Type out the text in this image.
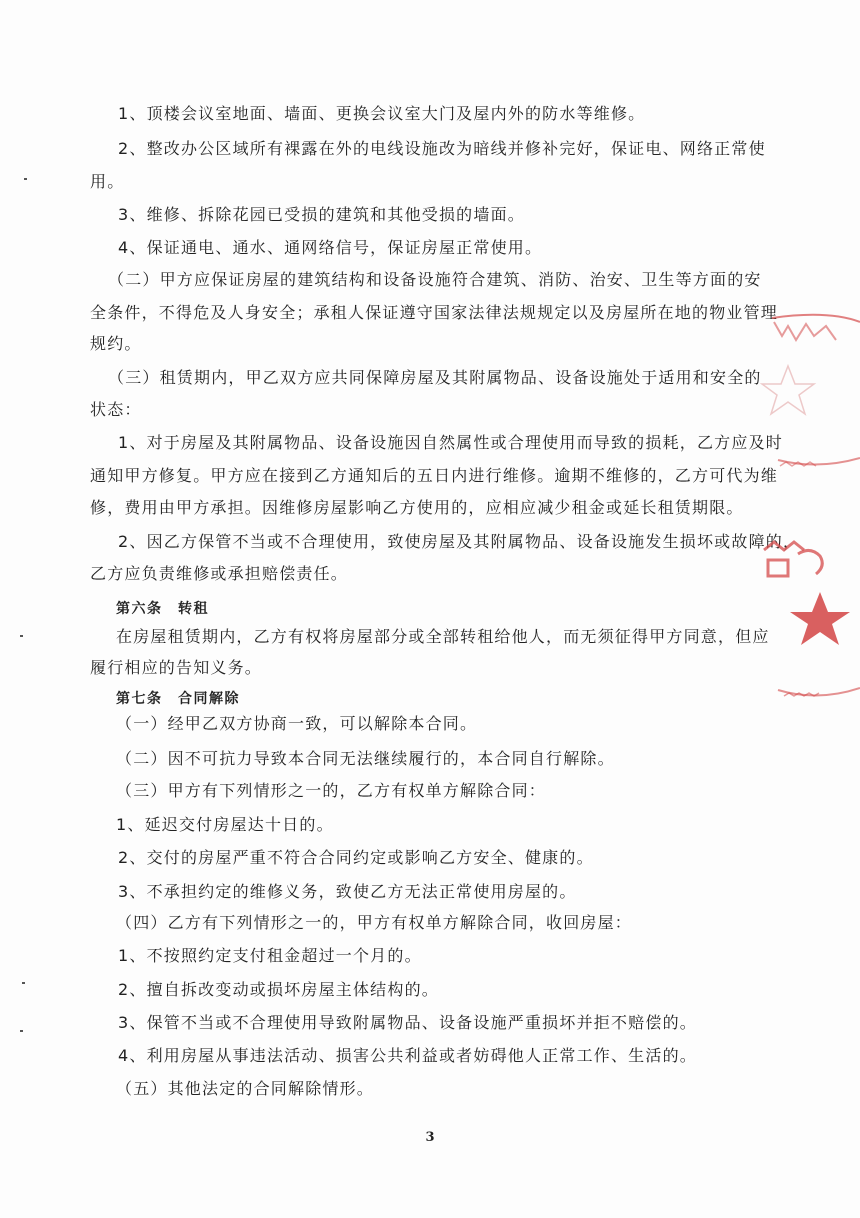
1、顶楼会议室地面、墙面、更换会议室大门及屋内外的防水等维修。
2、整改办公区域所有裸露在外的电线设施改为暗线并修补完好，保证电、网络正常使
用。
3、维修、拆除花园已受损的建筑和其他受损的墙面。
4、保证通电、通水、通网络信号，保证房屋正常使用。
（二）甲方应保证房屋的建筑结构和设备设施符合建筑、消防、治安、卫生等方面的安
全条件，不得危及人身安全；承租人保证遵守国家法律法规规定以及房屋所在地的物业管理
规约。
（三）租赁期内，甲乙双方应共同保障房屋及其附属物品、设备设施处于适用和安全的
状态：
1、对于房屋及其附属物品、设备设施因自然属性或合理使用而导致的损耗，乙方应及时
通知甲方修复。甲方应在接到乙方通知后的五日内进行维修。逾期不维修的，乙方可代为维
修，费用由甲方承担。因维修房屋影响乙方使用的，应相应减少租金或延长租赁期限。
2、因乙方保管不当或不合理使用，致使房屋及其附属物品、设备设施发生损坏或故障的，
乙方应负责维修或承担赔偿责任。
第六条　转租
在房屋租赁期内，乙方有权将房屋部分或全部转租给他人，而无须征得甲方同意，但应
履行相应的告知义务。
第七条　合同解除
（一）经甲乙双方协商一致，可以解除本合同。
（二）因不可抗力导致本合同无法继续履行的，本合同自行解除。
（三）甲方有下列情形之一的，乙方有权单方解除合同：
1、延迟交付房屋达十日的。
2、交付的房屋严重不符合合同约定或影响乙方安全、健康的。
3、不承担约定的维修义务，致使乙方无法正常使用房屋的。
（四）乙方有下列情形之一的，甲方有权单方解除合同，收回房屋：
1、不按照约定支付租金超过一个月的。
2、擅自拆改变动或损坏房屋主体结构的。
3、保管不当或不合理使用导致附属物品、设备设施严重损坏并拒不赔偿的。
4、利用房屋从事违法活动、损害公共利益或者妨碍他人正常工作、生活的。
（五）其他法定的合同解除情形。
3
